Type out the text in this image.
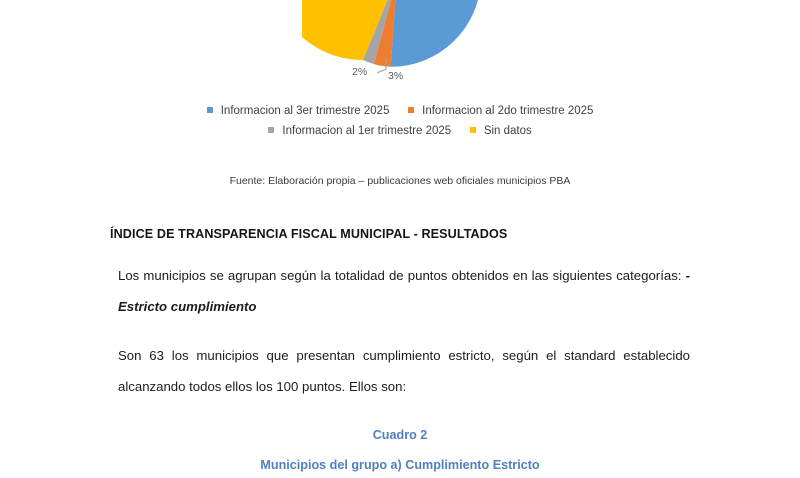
2% 3%
Informacion al 3er trimestre 2025	Informacion al 2do trimestre 2025
Informacion al 1er trimestre 2025	Sin datos
Fuente: Elaboración propia – publicaciones web oficiales municipios PBA
ÍNDICE DE TRANSPARENCIA FISCAL MUNICIPAL - RESULTADOS

Los municipios se agrupan según la totalidad de puntos obtenidos en las siguientes categorías: -Estricto cumplimiento

Son 63 los municipios que presentan cumplimiento estricto, según el standard establecido alcanzando todos ellos los 100 puntos. Ellos son:

Cuadro 2
Municipios del grupo a) Cumplimiento Estricto
